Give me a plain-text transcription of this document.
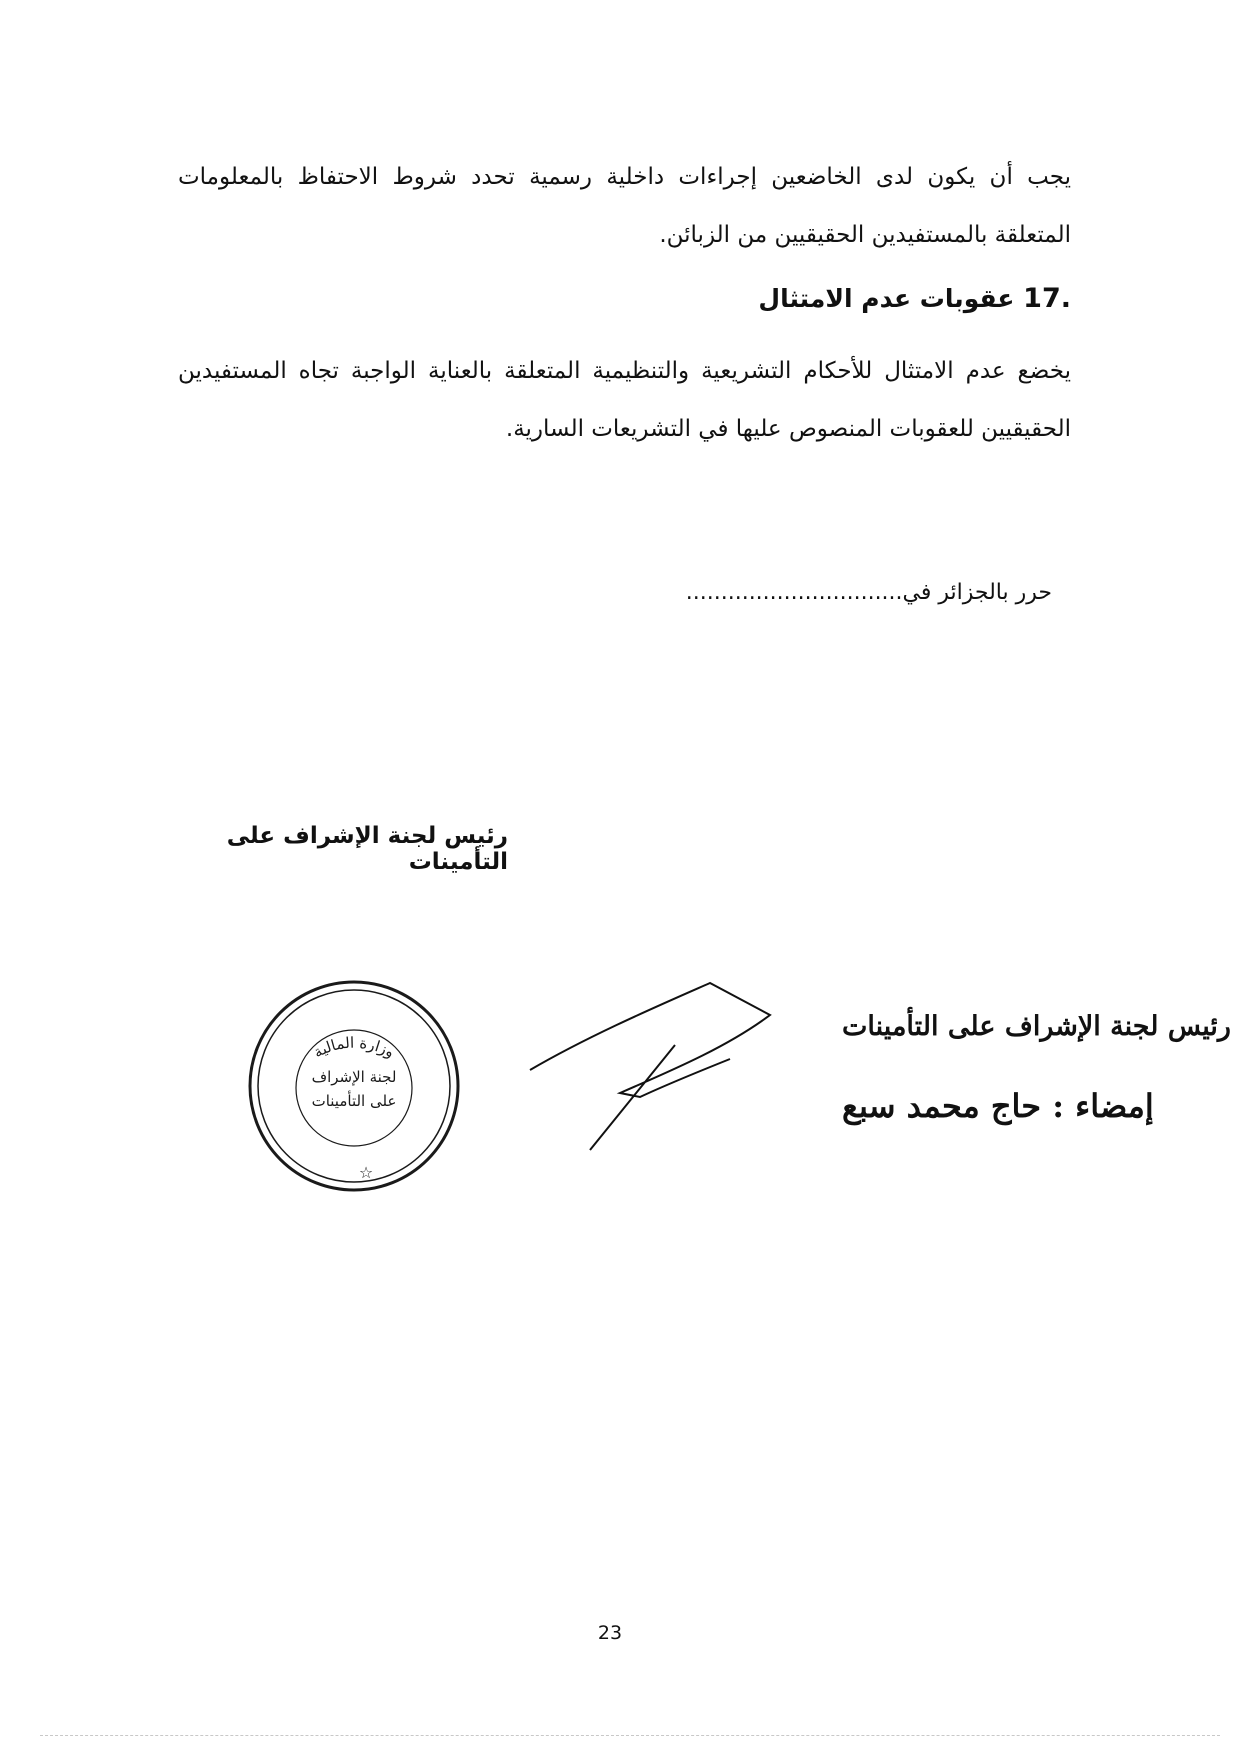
يجب أن يكون لدى الخاضعين إجراءات داخلية رسمية تحدد شروط الاحتفاظ بالمعلومات المتعلقة بالمستفيدين الحقيقيين من الزبائن.

17. عقوبات عدم الامتثال

يخضع عدم الامتثال للأحكام التشريعية والتنظيمية المتعلقة بالعناية الواجبة تجاه المستفيدين الحقيقيين للعقوبات المنصوص عليها في التشريعات السارية.

حرر بالجزائر في...............................

رئيس لجنة الإشراف على التأمينات

وزارة المالية
لجنة الإشراف
على التأمينات
☆
رئيس لجنة الإشراف على التأمينات
إمضاء : حاج محمد سبع

23
